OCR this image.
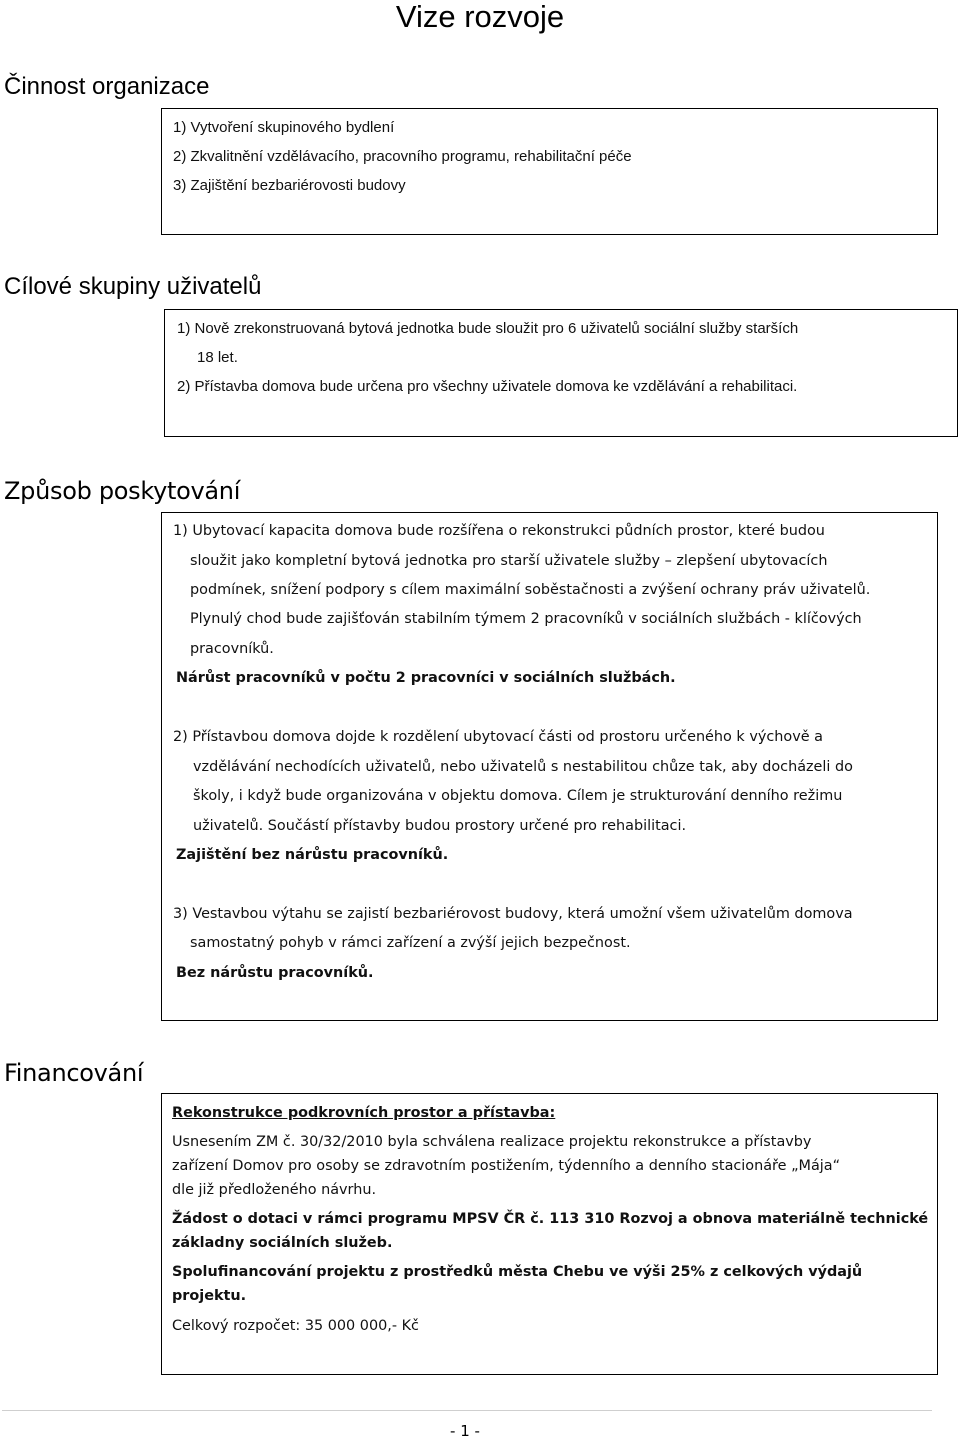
Vize rozvoje
Činnost organizace
1) Vytvoření skupinového bydlení
2) Zkvalitnění vzdělávacího, pracovního programu, rehabilitační péče
3) Zajištění bezbariérovosti budovy
Cílové skupiny uživatelů
1) Nově zrekonstruovaná bytová jednotka bude sloužit pro 6 uživatelů sociální služby starších
18 let.
2) Přístavba domova bude určena pro všechny uživatele domova ke vzdělávání a rehabilitaci.
Způsob poskytování
1) Ubytovací kapacita domova bude rozšířena o rekonstrukci půdních prostor, které budou
sloužit jako kompletní bytová jednotka pro starší uživatele služby – zlepšení ubytovacích
podmínek, snížení podpory s cílem maximální soběstačnosti a zvýšení ochrany práv uživatelů.
Plynulý chod bude zajišťován stabilním týmem 2 pracovníků v sociálních službách - klíčových
pracovníků.
Nárůst pracovníků v počtu 2 pracovníci v sociálních službách.
2) Přístavbou domova dojde k rozdělení ubytovací části od prostoru určeného k výchově a
vzdělávání nechodících uživatelů, nebo uživatelů s nestabilitou chůze tak, aby docházeli do
školy, i když bude organizována v objektu domova. Cílem je strukturování denního režimu
uživatelů. Součástí přístavby budou prostory určené pro rehabilitaci.
Zajištění bez nárůstu pracovníků.
3) Vestavbou výtahu se zajistí bezbariérovost budovy, která umožní všem uživatelům domova
samostatný pohyb v rámci zařízení a zvýší jejich bezpečnost.
Bez nárůstu pracovníků.
Financování
Rekonstrukce podkrovních prostor a přístavba:
Usnesením ZM č. 30/32/2010 byla schválena realizace projektu rekonstrukce a přístavby
zařízení Domov pro osoby se zdravotním postižením, týdenního a denního stacionáře „Mája“
dle již předloženého návrhu.
Žádost o dotaci v rámci programu MPSV ČR č. 113 310 Rozvoj a obnova materiálně technické
základny sociálních služeb.
Spolufinancování projektu z prostředků města Chebu ve výši 25% z celkových výdajů
projektu.
Celkový rozpočet: 35 000 000,- Kč
- 1 -
